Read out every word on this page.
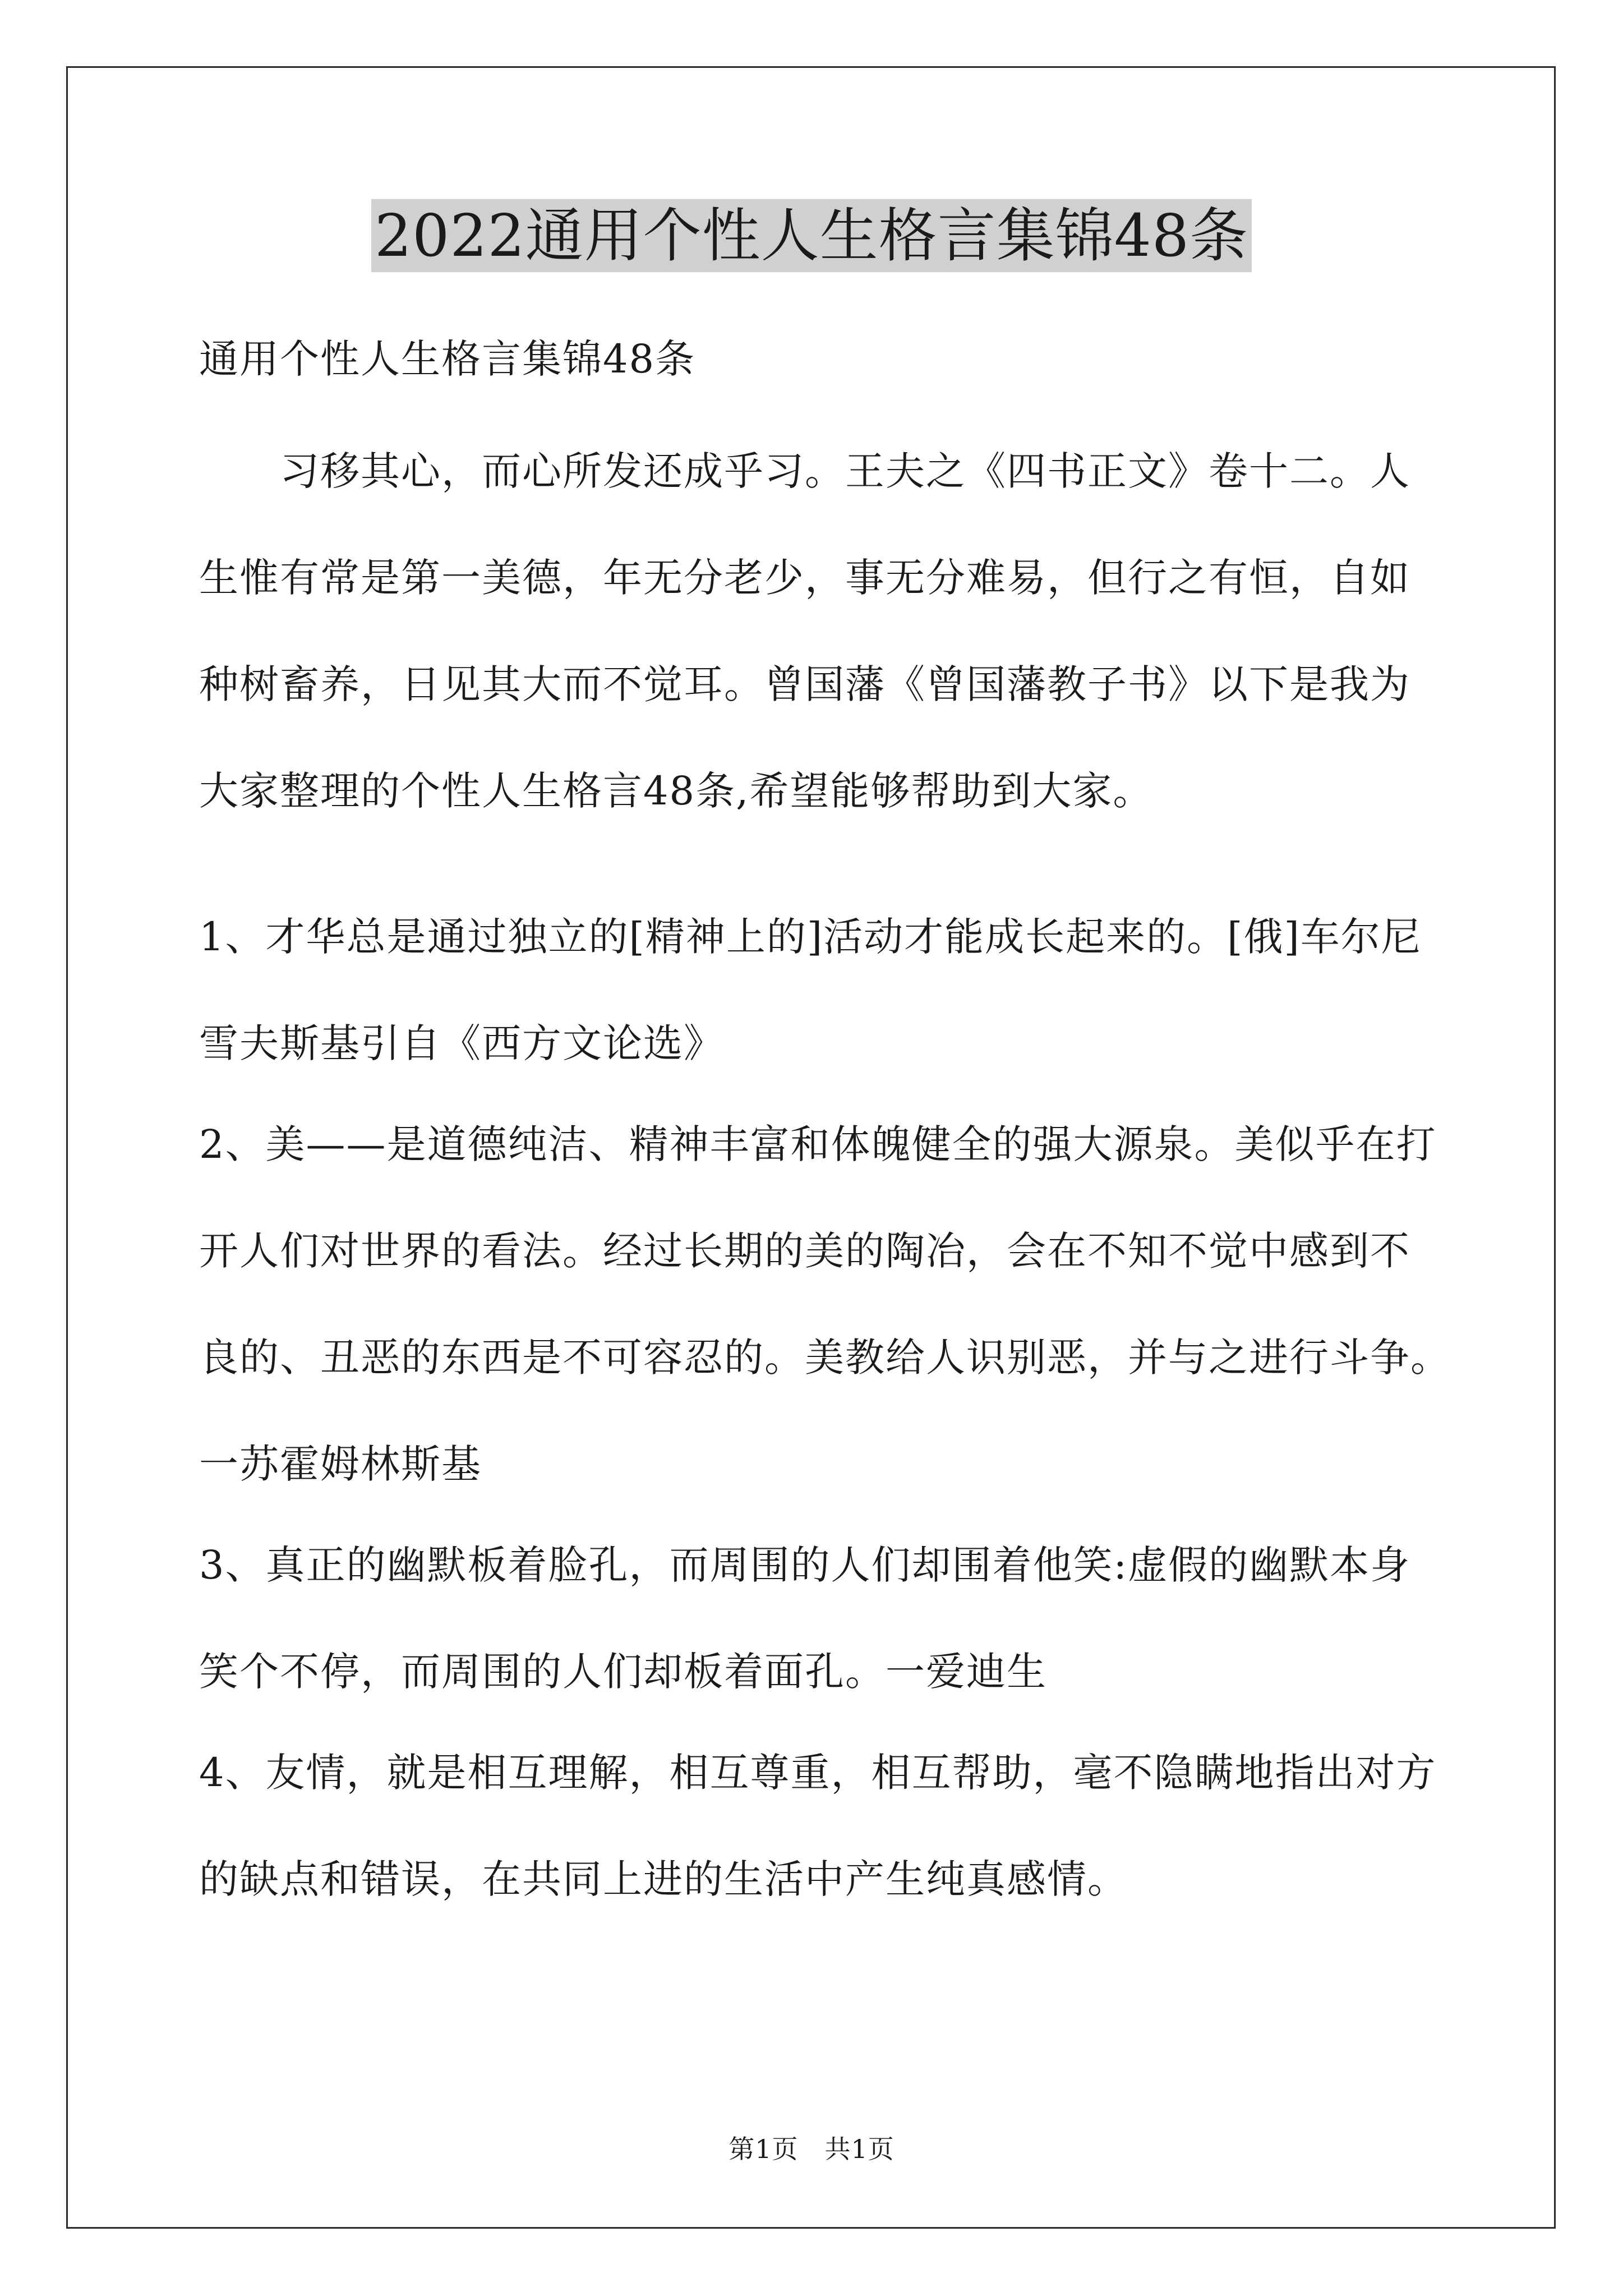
2022通用个性人生格言集锦48条
通用个性人生格言集锦48条
　　习移其心，而心所发还成乎习。王夫之《四书正文》卷十二。人
生惟有常是第一美德，年无分老少，事无分难易，但行之有恒，自如
种树畜养，日见其大而不觉耳。曾国藩《曾国藩教子书》以下是我为
大家整理的个性人生格言48条,希望能够帮助到大家。
1、才华总是通过独立的[精神上的]活动才能成长起来的。[俄]车尔尼
雪夫斯基引自《西方文论选》
2、美——是道德纯洁、精神丰富和体魄健全的强大源泉。美似乎在打
开人们对世界的看法。经过长期的美的陶冶，会在不知不觉中感到不
良的、丑恶的东西是不可容忍的。美教给人识别恶，并与之进行斗争。
一苏霍姆林斯基
3、真正的幽默板着脸孔，而周围的人们却围着他笑:虚假的幽默本身
笑个不停，而周围的人们却板着面孔。一爱迪生
4、友情，就是相互理解，相互尊重，相互帮助，毫不隐瞒地指出对方
的缺点和错误，在共同上进的生活中产生纯真感情。
第1页　共1页
